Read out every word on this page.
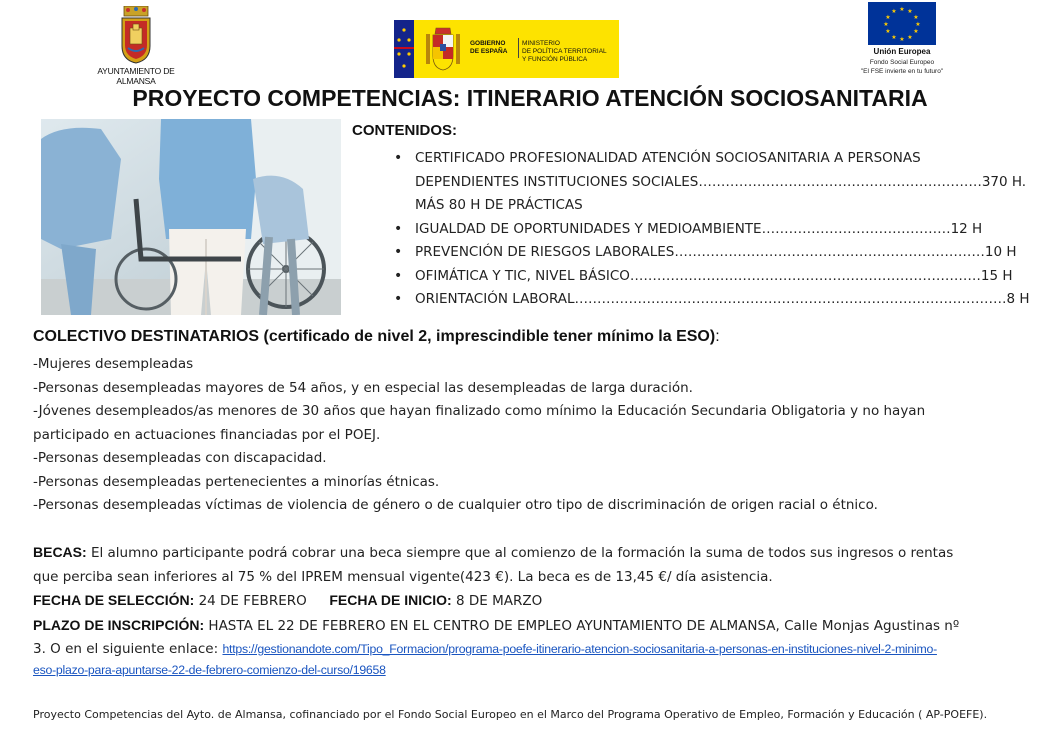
AYUNTAMIENTO DE ALMANSA
GOBIERNO
DE ESPAÑA
MINISTERIO
DE POLÍTICA TERRITORIAL
Y FUNCIÓN PÚBLICA
★ ★
★
★
★
★
★
★
★
★
★
★
Unión Europea
Fondo Social Europeo
"El FSE invierte en tu futuro"
PROYECTO COMPETENCIAS: ITINERARIO ATENCIÓN SOCIOSANITARIA
CONTENIDOS:
• CERTIFICADO PROFESIONALIDAD ATENCIÓN SOCIOSANITARIA A PERSONAS
DEPENDIENTES INSTITUCIONES SOCIALES………………………………………………………370 H.
MÁS 80 H DE PRÁCTICAS
• IGUALDAD DE OPORTUNIDADES Y MEDIOAMBIENTE……………………………………12 H
• PREVENCIÓN DE RIESGOS LABORALES……………………………………………………………10 H
• OFIMÁTICA Y TIC, NIVEL BÁSICO……………………………………………………………………15 H
• ORIENTACIÓN LABORAL……………………………………………………………………………………8 H
COLECTIVO DESTINATARIOS (certificado de nivel 2, imprescindible tener mínimo la ESO):
-Mujeres desempleadas
-Personas desempleadas mayores de 54 años, y en especial las desempleadas de larga duración.
-Jóvenes desempleados/as menores de 30 años que hayan finalizado como mínimo la Educación Secundaria Obligatoria y no hayan
participado en actuaciones financiadas por el POEJ.
-Personas desempleadas con discapacidad.
-Personas desempleadas pertenecientes a minorías étnicas.
-Personas desempleadas víctimas de violencia de género o de cualquier otro tipo de discriminación de origen racial o étnico.
BECAS: El alumno participante podrá cobrar una beca siempre que al comienzo de la formación la suma de todos sus ingresos o rentas
que perciba sean inferiores al 75 % del IPREM mensual vigente(423 €). La beca es de 13,45 €/ día asistencia.
FECHA DE SELECCIÓN: 24 DE FEBRERO FECHA DE INICIO: 8 DE MARZO
PLAZO DE INSCRIPCIÓN: HASTA EL 22 DE FEBRERO EN EL CENTRO DE EMPLEO AYUNTAMIENTO DE ALMANSA, Calle Monjas Agustinas nº
3. O en el siguiente enlace: https://gestionandote.com/Tipo_Formacion/programa-poefe-itinerario-atencion-sociosanitaria-a-personas-en-instituciones-nivel-2-minimo-
eso-plazo-para-apuntarse-22-de-febrero-comienzo-del-curso/19658
Proyecto Competencias del Ayto. de Almansa, cofinanciado por el Fondo Social Europeo en el Marco del Programa Operativo de Empleo, Formación y Educación ( AP-POEFE).
